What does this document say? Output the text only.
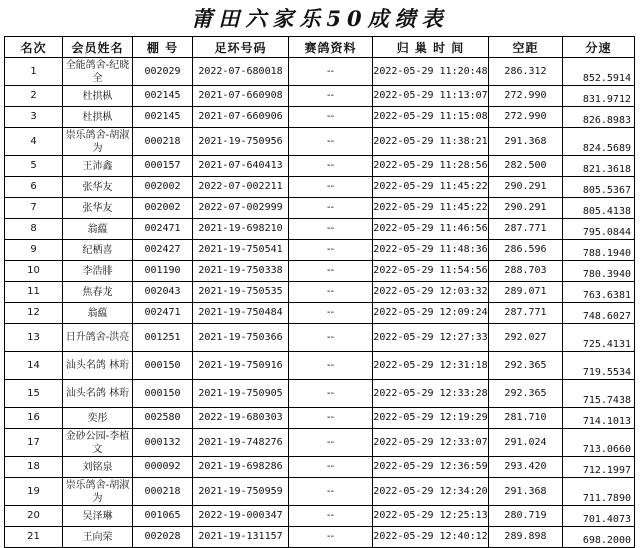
莆田六家乐50成绩表
名次	会员姓名	棚 号	足环号码	赛鸽资料	归 巢 时 间	空距	分速
1	全能鸽舍-纪晓全	002029	2022-07-680018	--	2022-05-29 11:20:48	286.312	852.5914
2	杜拱枞	002145	2021-07-660908	--	2022-05-29 11:13:07	272.990	831.9712
3	杜拱枞	002145	2021-07-660906	--	2022-05-29 11:15:08	272.990	826.8983
4	崇乐鸽舍-胡淑为	000218	2021-19-750956	--	2022-05-29 11:38:21	291.368	824.5689
5	王沛鑫	000157	2021-07-640413	--	2022-05-29 11:28:56	282.500	821.3618
6	张华友	002002	2022-07-002211	--	2022-05-29 11:45:22	290.291	805.5367
7	张华友	002002	2022-07-002999	--	2022-05-29 11:45:22	290.291	805.4138
8	翁藴	002471	2021-19-698210	--	2022-05-29 11:46:56	287.771	795.0844
9	纪栖喜	002427	2021-19-750541	--	2022-05-29 11:48:36	286.596	788.1940
10	李浩腓	001190	2021-19-750338	--	2022-05-29 11:54:56	288.703	780.3940
11	焦春龙	002043	2021-19-750535	--	2022-05-29 12:03:32	289.071	763.6381
12	翁藴	002471	2021-19-750484	--	2022-05-29 12:09:24	287.771	748.6027
13	日升鸽舍-洪亮	001251	2021-19-750366	--	2022-05-29 12:27:33	292.027	725.4131
14	汕头名鸽 林珩	000150	2021-19-750916	--	2022-05-29 12:31:18	292.365	719.5534
15	汕头名鸽 林珩	000150	2021-19-750905	--	2022-05-29 12:33:28	292.365	715.7438
16	奕彤	002580	2022-19-680303	--	2022-05-29 12:19:29	281.710	714.1013
17	金砂公园-李植文	000132	2021-19-748276	--	2022-05-29 12:33:07	291.024	713.0660
18	刘铭泉	000092	2021-19-698286	--	2022-05-29 12:36:59	293.420	712.1997
19	崇乐鸽舍-胡淑为	000218	2021-19-750959	--	2022-05-29 12:34:20	291.368	711.7890
20	吴泽琳	001065	2022-19-000347	--	2022-05-29 12:25:13	280.719	701.4073
21	王向荣	002028	2021-19-131157	--	2022-05-29 12:40:12	289.898	698.2000
